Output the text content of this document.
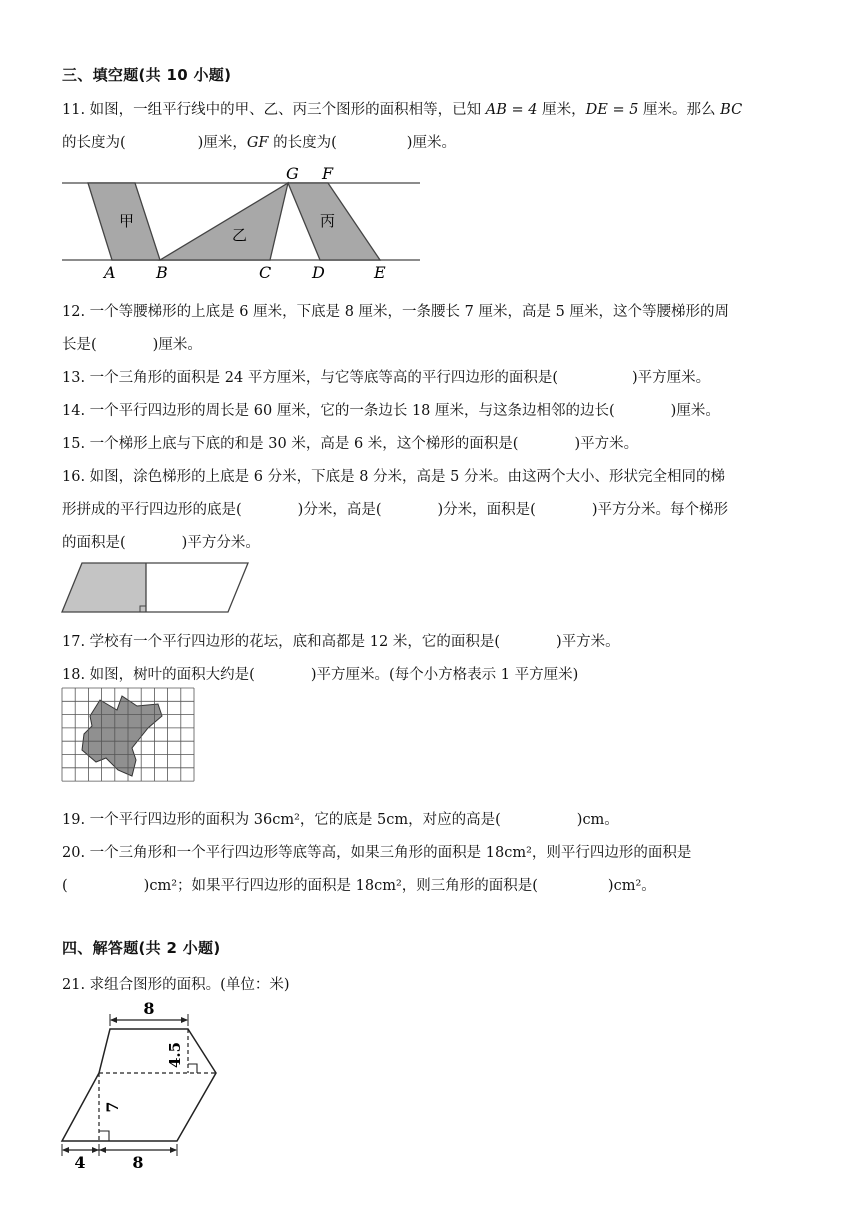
三、填空题(共 10 小题)
11. 如图，一组平行线中的甲、乙、丙三个图形的面积相等，已知 AB = 4 厘米，DE = 5 厘米。那么 BC
的长度为(	)厘米，GF 的长度为(	)厘米。
甲
乙
丙
G F
A	B	C	D	E
8
4.5
7
4	8
12. 一个等腰梯形的上底是 6 厘米，下底是 8 厘米，一条腰长 7 厘米，高是 5 厘米，这个等腰梯形的周
长是(	)厘米。
13. 一个三角形的面积是 24 平方厘米，与它等底等高的平行四边形的面积是(	)平方厘米。
14. 一个平行四边形的周长是 60 厘米，它的一条边长 18 厘米，与这条边相邻的边长(	)厘米。
15. 一个梯形上底与下底的和是 30 米，高是 6 米，这个梯形的面积是(	)平方米。
16. 如图，涂色梯形的上底是 6 分米，下底是 8 分米，高是 5 分米。由这两个大小、形状完全相同的梯
形拼成的平行四边形的底是(	)分米，高是(	)分米，面积是(	)平方分米。每个梯形
的面积是(	)平方分米。
17. 学校有一个平行四边形的花坛，底和高都是 12 米，它的面积是(	)平方米。
18. 如图，树叶的面积大约是(	)平方厘米。(每个小方格表示 1 平方厘米)
19. 一个平行四边形的面积为 36cm²，它的底是 5cm，对应的高是(	)cm。
20. 一个三角形和一个平行四边形等底等高，如果三角形的面积是 18cm²，则平行四边形的面积是
(	)cm²；如果平行四边形的面积是 18cm²，则三角形的面积是(	)cm²。
四、解答题(共 2 小题)
21. 求组合图形的面积。(单位：米)
